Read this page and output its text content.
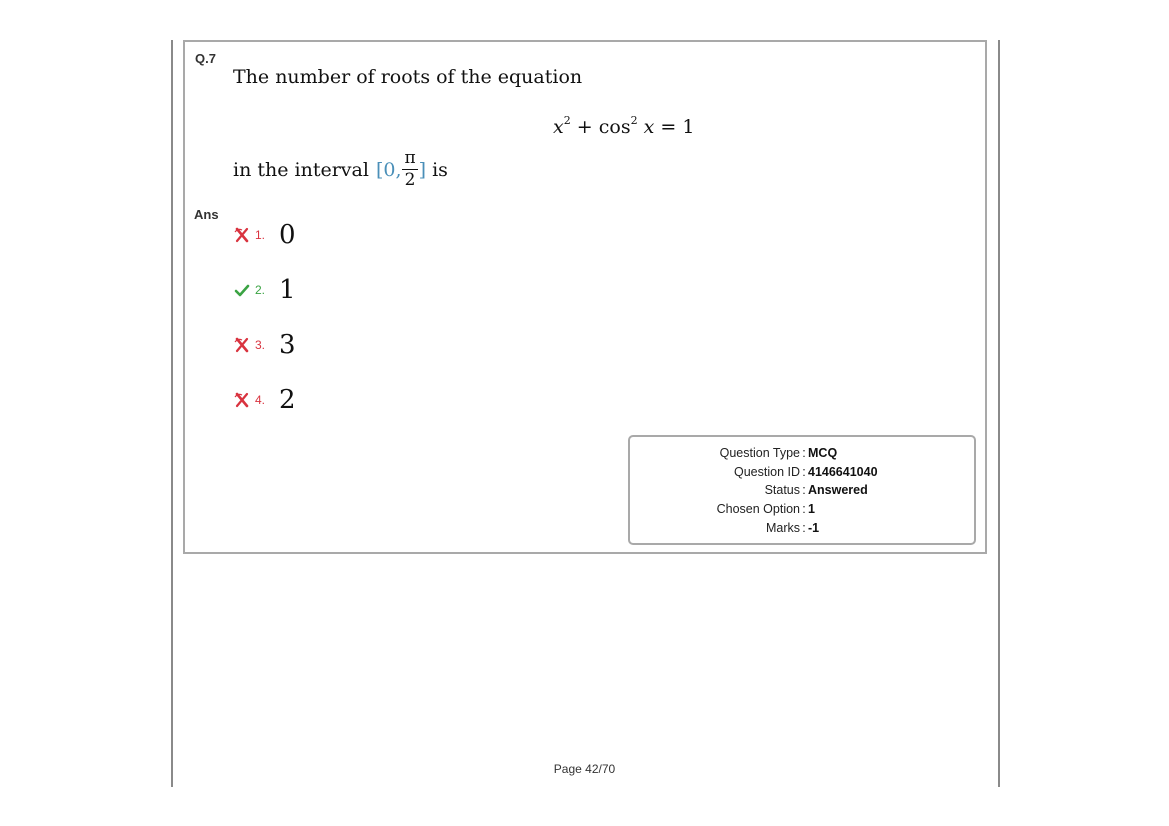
Q.7
The number of roots of the equation
$x^2 + \cos^2 x = 1$
in the interval [0, $\frac{\pi}{2}$ ] is
Ans
1. 0
2. 1
3. 3
4. 2
Question Type : MCQ
Question ID : 4146641040
Status : Answered
Chosen Option : 1
Marks : -1
Page 42/70
